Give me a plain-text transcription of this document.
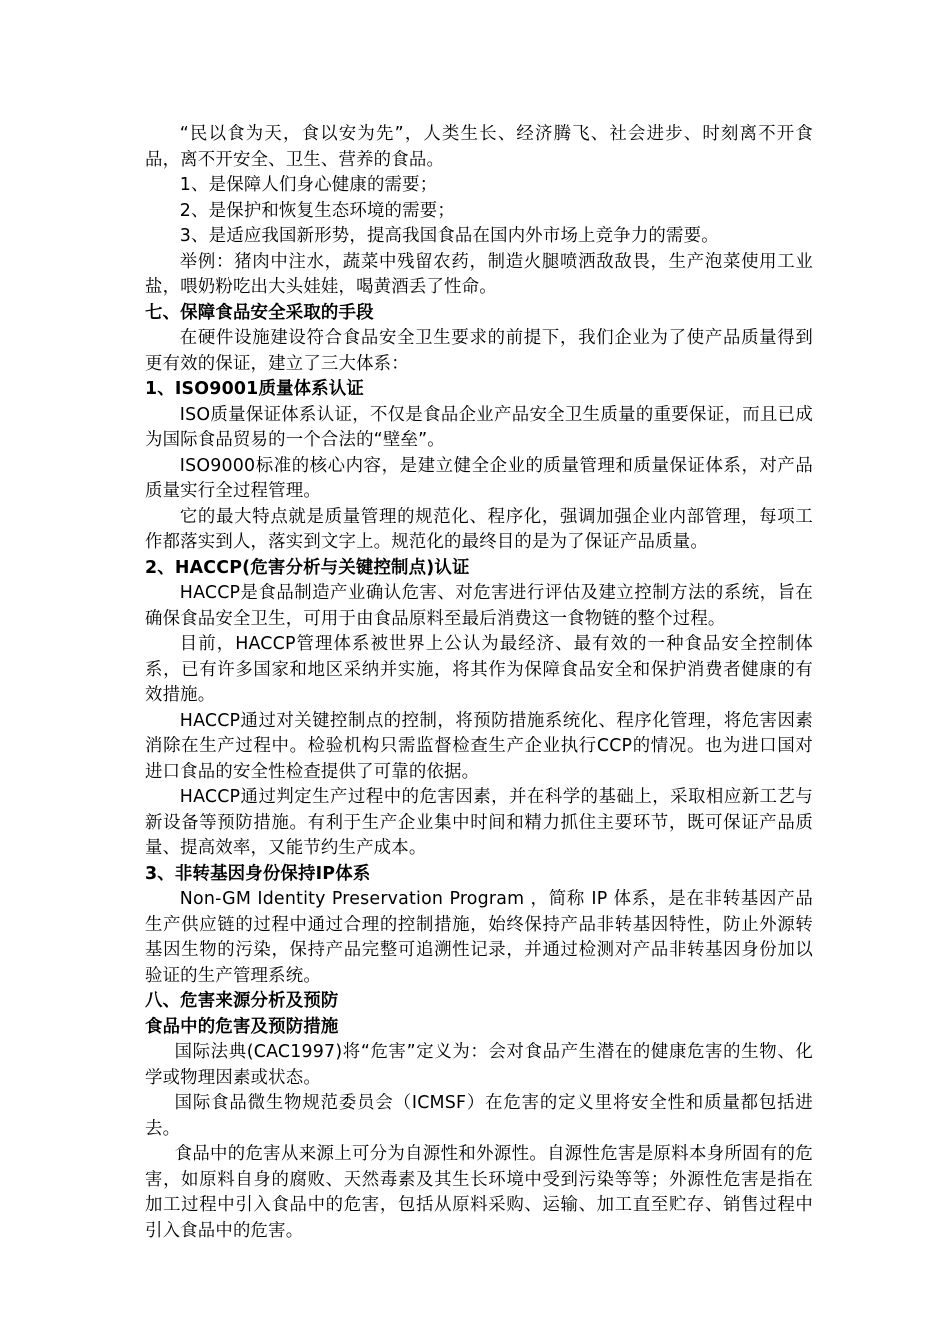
“民以食为天，食以安为先”，人类生长、经济腾飞、社会进步、时刻离不开食品，离不开安全、卫生、营养的食品。

1、是保障人们身心健康的需要；

2、是保护和恢复生态环境的需要；

3、是适应我国新形势，提高我国食品在国内外市场上竞争力的需要。

举例：猪肉中注水，蔬菜中残留农药，制造火腿喷洒敌敌畏，生产泡菜使用工业盐，喂奶粉吃出大头娃娃，喝黄酒丢了性命。

七、保障食品安全采取的手段

在硬件设施建设符合食品安全卫生要求的前提下，我们企业为了使产品质量得到更有效的保证，建立了三大体系：

1、ISO9001质量体系认证

ISO质量保证体系认证，不仅是食品企业产品安全卫生质量的重要保证，而且已成为国际食品贸易的一个合法的“壁垒”。

ISO9000标准的核心内容，是建立健全企业的质量管理和质量保证体系，对产品质量实行全过程管理。

它的最大特点就是质量管理的规范化、程序化，强调加强企业内部管理，每项工作都落实到人，落实到文字上。规范化的最终目的是为了保证产品质量。

2、HACCP(危害分析与关键控制点)认证

HACCP是食品制造产业确认危害、对危害进行评估及建立控制方法的系统，旨在确保食品安全卫生，可用于由食品原料至最后消费这一食物链的整个过程。

目前，HACCP管理体系被世界上公认为最经济、最有效的一种食品安全控制体系，已有许多国家和地区采纳并实施，将其作为保障食品安全和保护消费者健康的有效措施。

HACCP通过对关键控制点的控制，将预防措施系统化、程序化管理，将危害因素消除在生产过程中。检验机构只需监督检查生产企业执行CCP的情况。也为进口国对进口食品的安全性检查提供了可靠的依据。

HACCP通过判定生产过程中的危害因素，并在科学的基础上，采取相应新工艺与新设备等预防措施。有利于生产企业集中时间和精力抓住主要环节，既可保证产品质量、提高效率，又能节约生产成本。

3、非转基因身份保持IP体系

Non-GM Identity Preservation Program ，简称 IP 体系，是在非转基因产品生产供应链的过程中通过合理的控制措施，始终保持产品非转基因特性，防止外源转基因生物的污染，保持产品完整可追溯性记录，并通过检测对产品非转基因身份加以验证的生产管理系统。

八、危害来源分析及预防

食品中的危害及预防措施

国际法典(CAC1997)将“危害”定义为：会对食品产生潜在的健康危害的生物、化学或物理因素或状态。

国际食品微生物规范委员会（ICMSF）在危害的定义里将安全性和质量都包括进去。

食品中的危害从来源上可分为自源性和外源性。自源性危害是原料本身所固有的危害，如原料自身的腐败、天然毒素及其生长环境中受到污染等等；外源性危害是指在加工过程中引入食品中的危害，包括从原料采购、运输、加工直至贮存、销售过程中引入食品中的危害。
